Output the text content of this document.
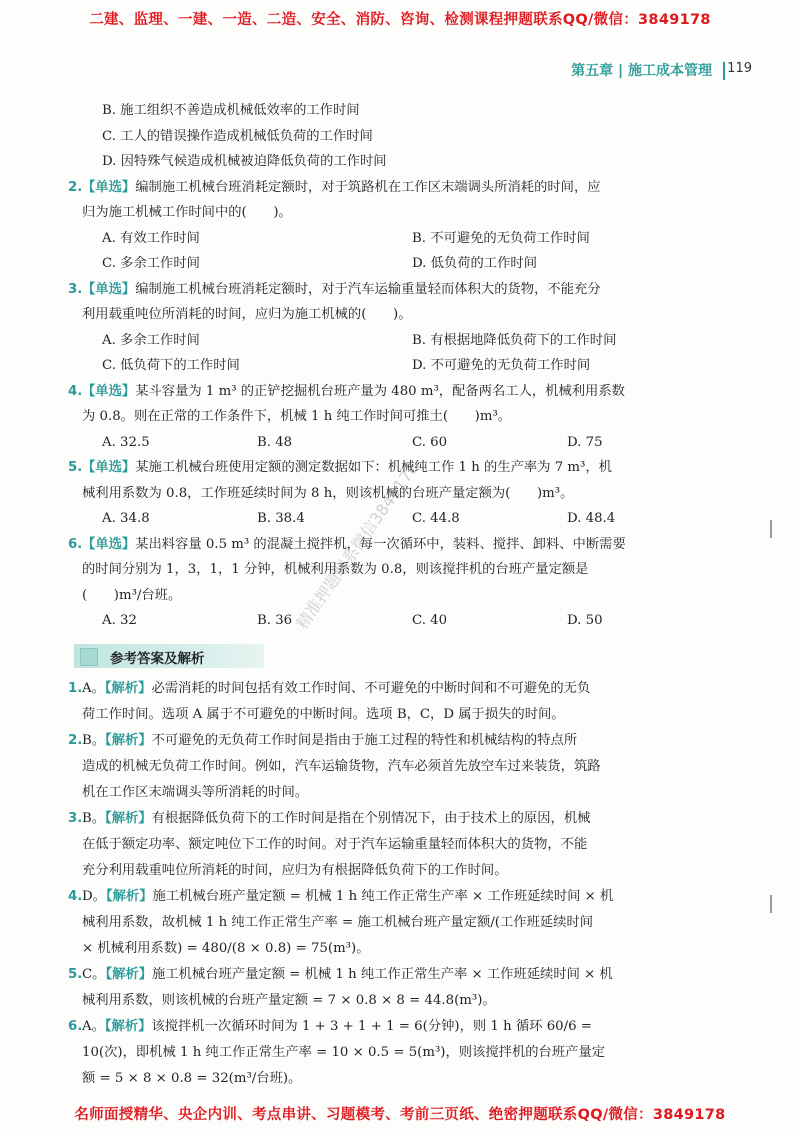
二建、监理、一建、一造、二造、安全、消防、咨询、检测课程押题联系QQ/微信：3849178
第五章 | 施工成本管理 119
B. 施工组织不善造成机械低效率的工作时间
C. 工人的错误操作造成机械低负荷的工作时间
D. 因特殊气候造成机械被迫降低负荷的工作时间
2. 【单选】编制施工机械台班消耗定额时，对于筑路机在工作区末端调头所消耗的时间，应
归为施工机械工作时间中的(　　)。
A. 有效工作时间	B. 不可避免的无负荷工作时间
C. 多余工作时间	D. 低负荷的工作时间
3. 【单选】编制施工机械台班消耗定额时，对于汽车运输重量轻而体积大的货物，不能充分
利用载重吨位所消耗的时间，应归为施工机械的(　　)。
A. 多余工作时间	B. 有根据地降低负荷下的工作时间
C. 低负荷下的工作时间	D. 不可避免的无负荷工作时间
4. 【单选】某斗容量为 1 m³ 的正铲挖掘机台班产量为 480 m³，配备两名工人，机械利用系数
为 0.8。则在正常的工作条件下，机械 1 h 纯工作时间可推土(　　)m³。
A. 32.5	B. 48	C. 60	D. 75
5. 【单选】某施工机械台班使用定额的测定数据如下：机械纯工作 1 h 的生产率为 7 m³，机
械利用系数为 0.8，工作班延续时间为 8 h，则该机械的台班产量定额为(　　)m³。
A. 34.8	B. 38.4	C. 44.8	D. 48.4
6. 【单选】某出料容量 0.5 m³ 的混凝土搅拌机，每一次循环中，装料、搅拌、卸料、中断需要
的时间分别为 1，3，1，1 分钟，机械利用系数为 0.8，则该搅拌机的台班产量定额是
(　　)m³/台班。
A. 32	B. 36	C. 40	D. 50
参考答案及解析
1. A。【解析】必需消耗的时间包括有效工作时间、不可避免的中断时间和不可避免的无负
荷工作时间。选项 A 属于不可避免的中断时间。选项 B，C，D 属于损失的时间。
2. B。【解析】不可避免的无负荷工作时间是指由于施工过程的特性和机械结构的特点所
造成的机械无负荷工作时间。例如，汽车运输货物，汽车必须首先放空车过来装货，筑路
机在工作区末端调头等所消耗的时间。
3. B。【解析】有根据降低负荷下的工作时间是指在个别情况下，由于技术上的原因，机械
在低于额定功率、额定吨位下工作的时间。对于汽车运输重量轻而体积大的货物，不能
充分利用载重吨位所消耗的时间，应归为有根据降低负荷下的工作时间。
4. D。【解析】施工机械台班产量定额 = 机械 1 h 纯工作正常生产率 × 工作班延续时间 × 机
械利用系数，故机械 1 h 纯工作正常生产率 = 施工机械台班产量定额/(工作班延续时间
× 机械利用系数) = 480/(8 × 0.8) = 75(m³)。
5. C。【解析】施工机械台班产量定额 = 机械 1 h 纯工作正常生产率 × 工作班延续时间 × 机
械利用系数，则该机械的台班产量定额 = 7 × 0.8 × 8 = 44.8(m³)。
6. A。【解析】该搅拌机一次循环时间为 1 + 3 + 1 + 1 = 6(分钟)，则 1 h 循环 60/6 =
10(次)，即机械 1 h 纯工作正常生产率 = 10 × 0.5 = 5(m³)，则该搅拌机的台班产量定
额 = 5 × 8 × 0.8 = 32(m³/台班)。
精准押题联系微信3849178
名师面授精华、央企内训、考点串讲、习题模考、考前三页纸、绝密押题联系QQ/微信：3849178
